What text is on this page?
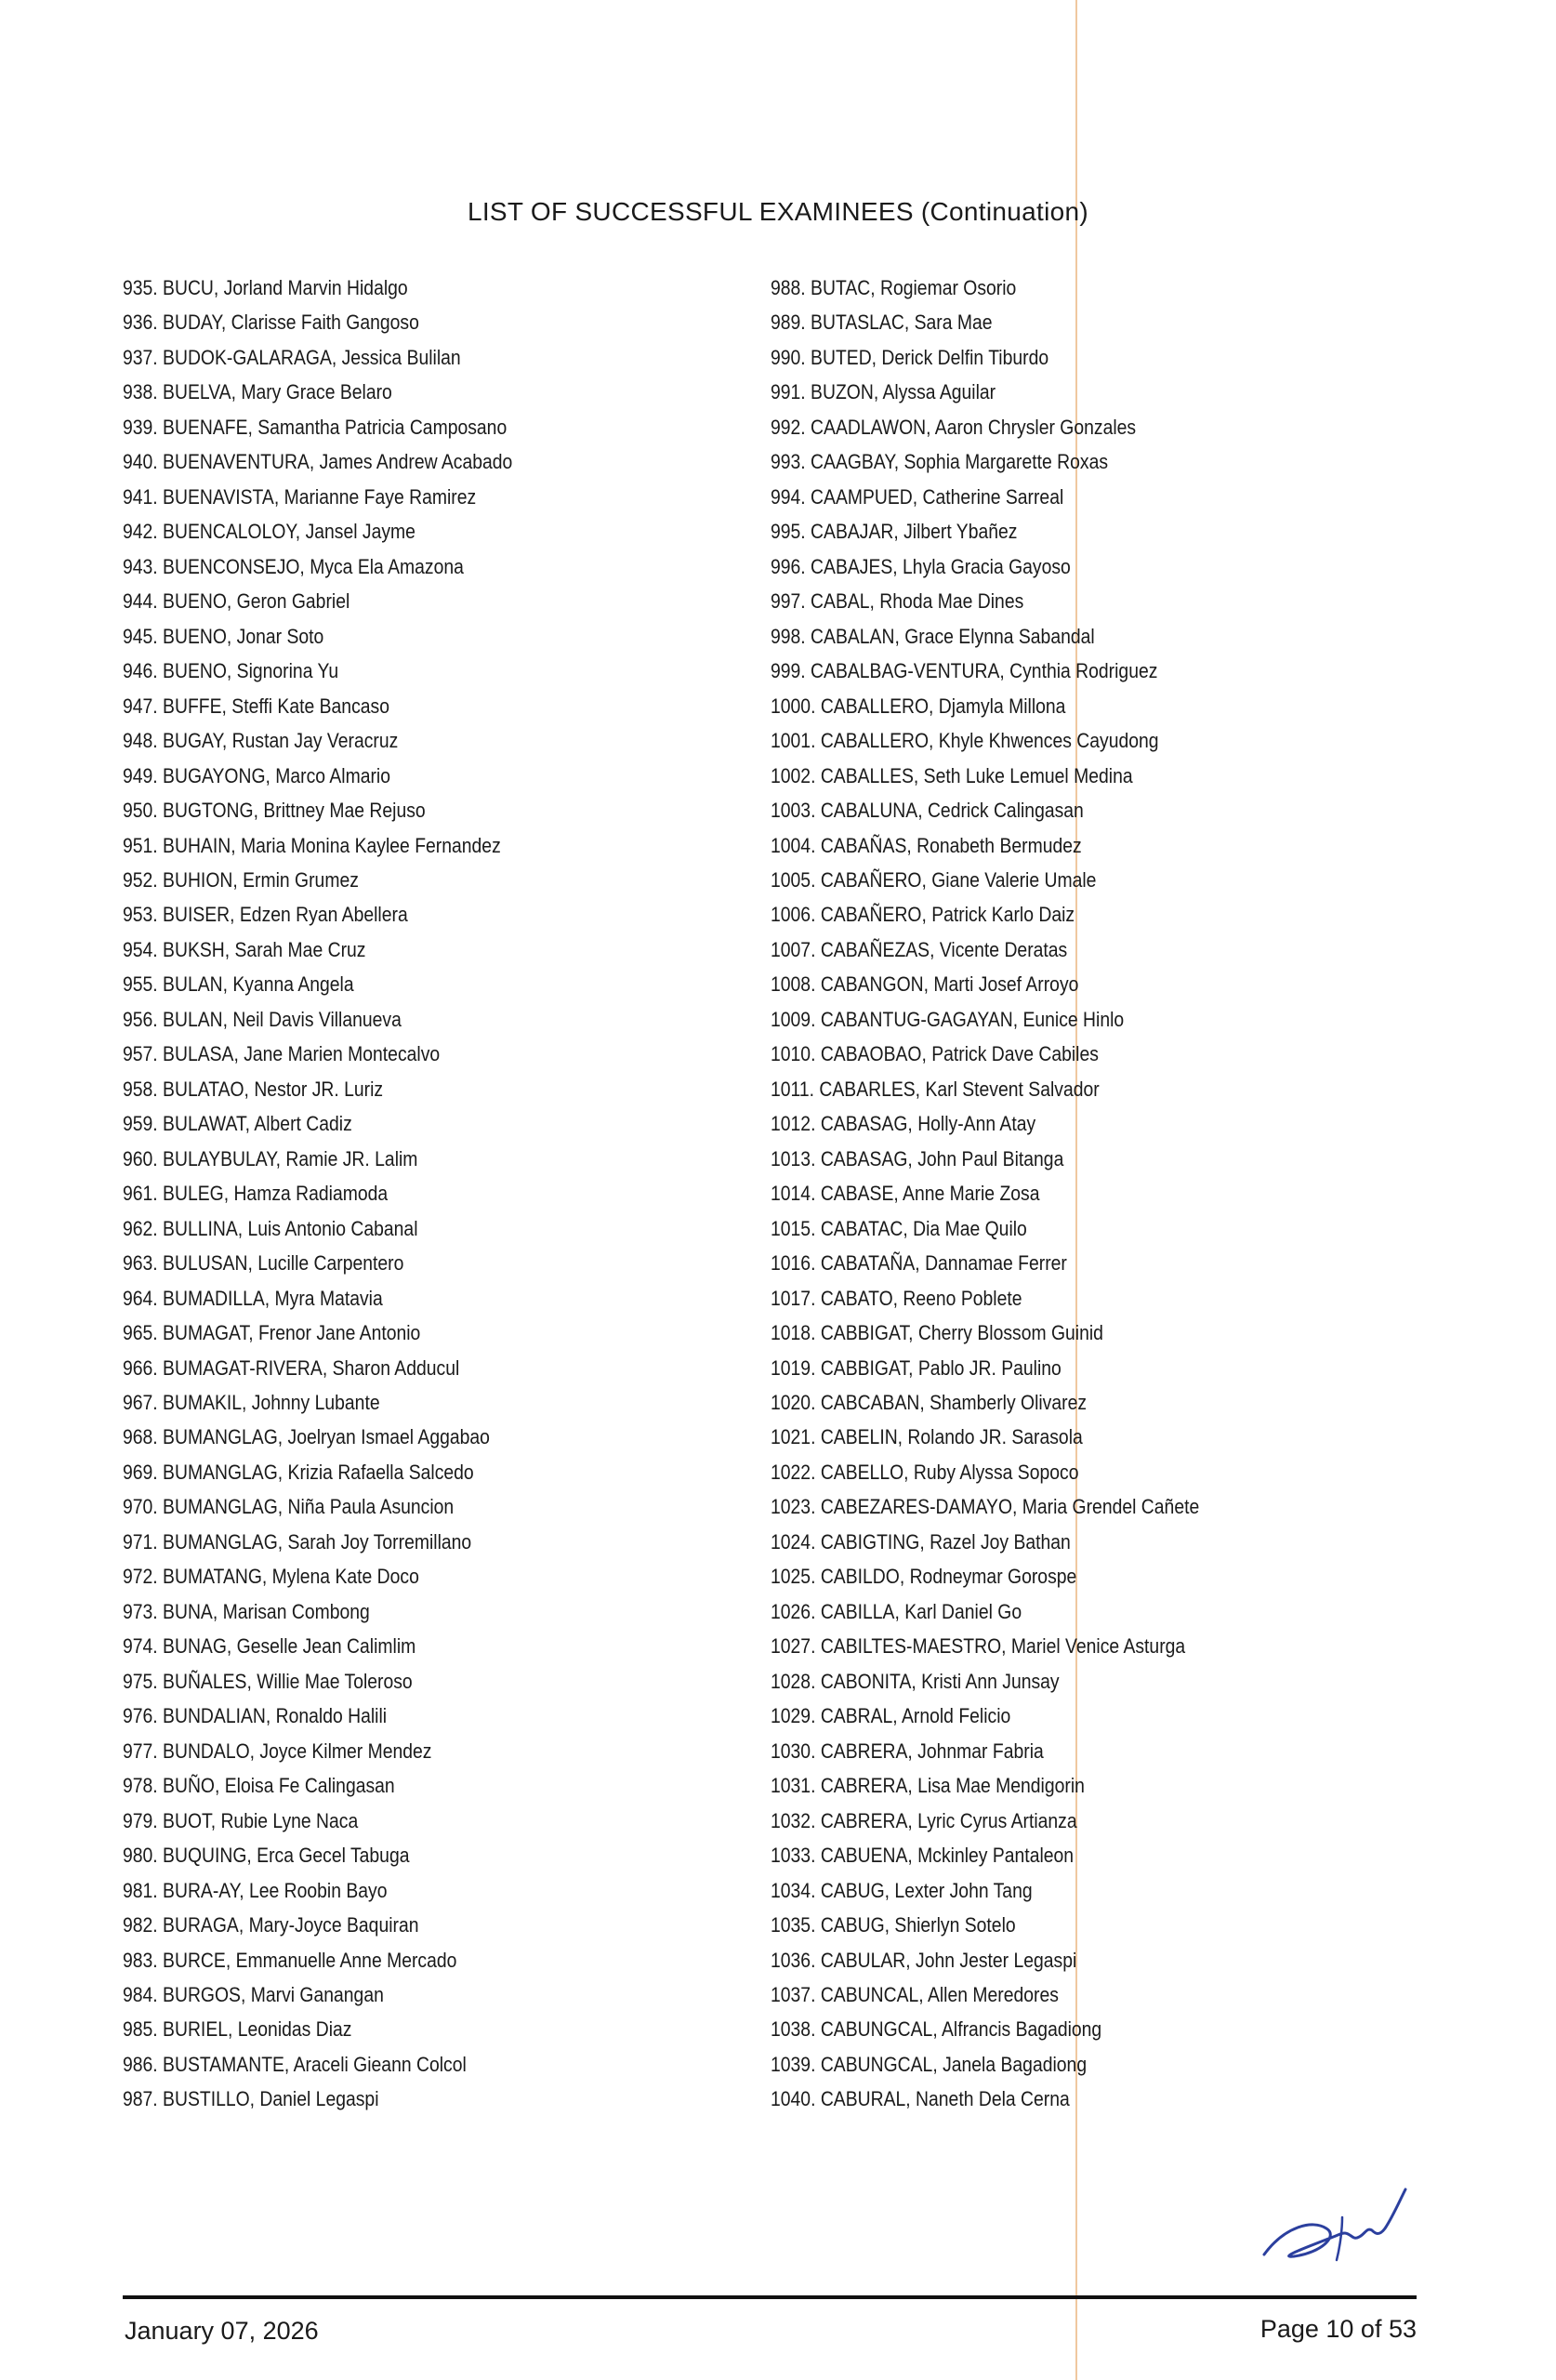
LIST OF SUCCESSFUL EXAMINEES (Continuation)
935. BUCU, Jorland Marvin Hidalgo
936. BUDAY, Clarisse Faith Gangoso
937. BUDOK-GALARAGA, Jessica Bulilan
938. BUELVA, Mary Grace Belaro
939. BUENAFE, Samantha Patricia Camposano
940. BUENAVENTURA, James Andrew Acabado
941. BUENAVISTA, Marianne Faye Ramirez
942. BUENCALOLOY, Jansel Jayme
943. BUENCONSEJO, Myca Ela Amazona
944. BUENO, Geron Gabriel
945. BUENO, Jonar Soto
946. BUENO, Signorina Yu
947. BUFFE, Steffi Kate Bancaso
948. BUGAY, Rustan Jay Veracruz
949. BUGAYONG, Marco Almario
950. BUGTONG, Brittney Mae Rejuso
951. BUHAIN, Maria Monina Kaylee Fernandez
952. BUHION, Ermin Grumez
953. BUISER, Edzen Ryan Abellera
954. BUKSH, Sarah Mae Cruz
955. BULAN, Kyanna Angela
956. BULAN, Neil Davis Villanueva
957. BULASA, Jane Marien Montecalvo
958. BULATAO, Nestor JR. Luriz
959. BULAWAT, Albert Cadiz
960. BULAYBULAY, Ramie JR. Lalim
961. BULEG, Hamza Radiamoda
962. BULLINA, Luis Antonio Cabanal
963. BULUSAN, Lucille Carpentero
964. BUMADILLA, Myra Matavia
965. BUMAGAT, Frenor Jane Antonio
966. BUMAGAT-RIVERA, Sharon Adducul
967. BUMAKIL, Johnny Lubante
968. BUMANGLAG, Joelryan Ismael Aggabao
969. BUMANGLAG, Krizia Rafaella Salcedo
970. BUMANGLAG, Niña Paula Asuncion
971. BUMANGLAG, Sarah Joy Torremillano
972. BUMATANG, Mylena Kate Doco
973. BUNA, Marisan Combong
974. BUNAG, Geselle Jean Calimlim
975. BUÑALES, Willie Mae Toleroso
976. BUNDALIAN, Ronaldo Halili
977. BUNDALO, Joyce Kilmer Mendez
978. BUÑO, Eloisa Fe Calingasan
979. BUOT, Rubie Lyne Naca
980. BUQUING, Erca Gecel Tabuga
981. BURA-AY, Lee Roobin Bayo
982. BURAGA, Mary-Joyce Baquiran
983. BURCE, Emmanuelle Anne Mercado
984. BURGOS, Marvi Ganangan
985. BURIEL, Leonidas Diaz
986. BUSTAMANTE, Araceli Gieann Colcol
987. BUSTILLO, Daniel Legaspi
988. BUTAC, Rogiemar Osorio
989. BUTASLAC, Sara Mae
990. BUTED, Derick Delfin Tiburdo
991. BUZON, Alyssa Aguilar
992. CAADLAWON, Aaron Chrysler Gonzales
993. CAAGBAY, Sophia Margarette Roxas
994. CAAMPUED, Catherine Sarreal
995. CABAJAR, Jilbert Ybañez
996. CABAJES, Lhyla Gracia Gayoso
997. CABAL, Rhoda Mae Dines
998. CABALAN, Grace Elynna Sabandal
999. CABALBAG-VENTURA, Cynthia Rodriguez
1000. CABALLERO, Djamyla Millona
1001. CABALLERO, Khyle Khwences Cayudong
1002. CABALLES, Seth Luke Lemuel Medina
1003. CABALUNA, Cedrick Calingasan
1004. CABAÑAS, Ronabeth Bermudez
1005. CABAÑERO, Giane Valerie Umale
1006. CABAÑERO, Patrick Karlo Daiz
1007. CABAÑEZAS, Vicente Deratas
1008. CABANGON, Marti Josef Arroyo
1009. CABANTUG-GAGAYAN, Eunice Hinlo
1010. CABAOBAO, Patrick Dave Cabiles
1011. CABARLES, Karl Stevent Salvador
1012. CABASAG, Holly-Ann Atay
1013. CABASAG, John Paul Bitanga
1014. CABASE, Anne Marie Zosa
1015. CABATAC, Dia Mae Quilo
1016. CABATAÑA, Dannamae Ferrer
1017. CABATO, Reeno Poblete
1018. CABBIGAT, Cherry Blossom Guinid
1019. CABBIGAT, Pablo JR. Paulino
1020. CABCABAN, Shamberly Olivarez
1021. CABELIN, Rolando JR. Sarasola
1022. CABELLO, Ruby Alyssa Sopoco
1023. CABEZARES-DAMAYO, Maria Grendel Cañete
1024. CABIGTING, Razel Joy Bathan
1025. CABILDO, Rodneymar Gorospe
1026. CABILLA, Karl Daniel Go
1027. CABILTES-MAESTRO, Mariel Venice Asturga
1028. CABONITA, Kristi Ann Junsay
1029. CABRAL, Arnold Felicio
1030. CABRERA, Johnmar Fabria
1031. CABRERA, Lisa Mae Mendigorin
1032. CABRERA, Lyric Cyrus Artianza
1033. CABUENA, Mckinley Pantaleon
1034. CABUG, Lexter John Tang
1035. CABUG, Shierlyn Sotelo
1036. CABULAR, John Jester Legaspi
1037. CABUNCAL, Allen Meredores
1038. CABUNGCAL, Alfrancis Bagadiong
1039. CABUNGCAL, Janela Bagadiong
1040. CABURAL, Naneth Dela Cerna
January 07, 2026	Page 10 of 53
